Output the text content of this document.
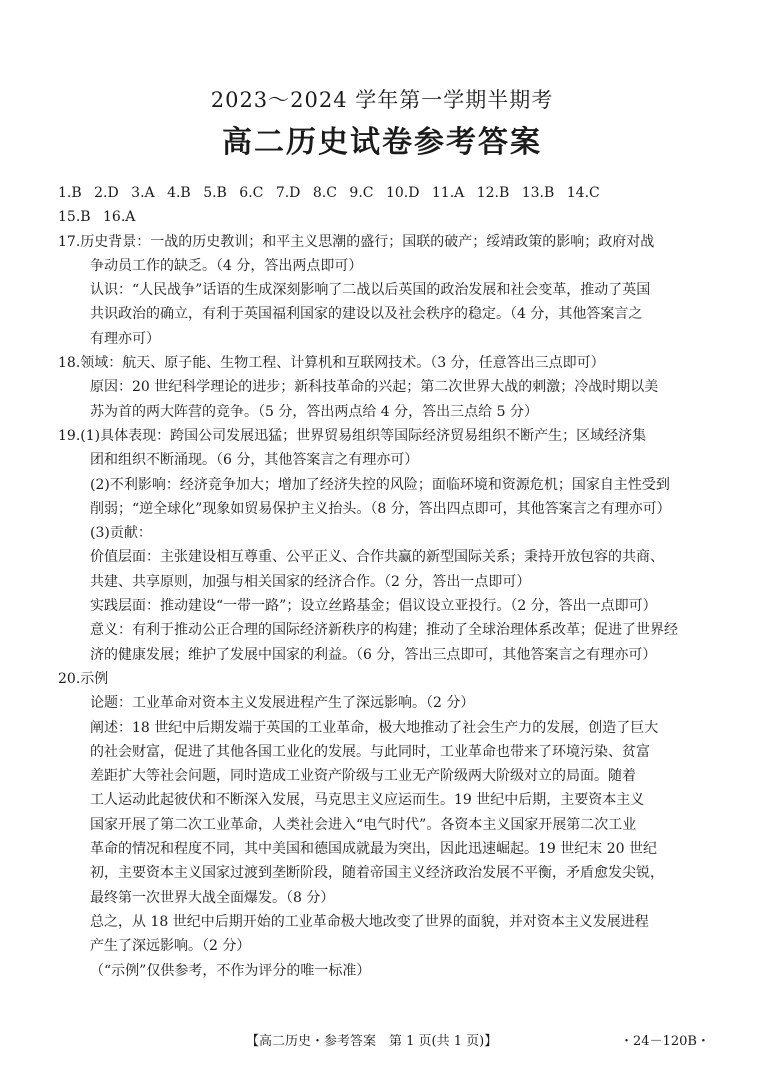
2023～2024 学年第一学期半期考
高二历史试卷参考答案
1.B 2.D 3.A 4.B 5.B 6.C 7.D 8.C 9.C 10.D 11.A 12.B 13.B 14.C
15.B 16.A
17.历史背景：一战的历史教训；和平主义思潮的盛行；国联的破产；绥靖政策的影响；政府对战
争动员工作的缺乏。（4 分，答出两点即可）
认识：“人民战争”话语的生成深刻影响了二战以后英国的政治发展和社会变革，推动了英国
共识政治的确立，有利于英国福利国家的建设以及社会秩序的稳定。（4 分，其他答案言之
有理亦可）
18.领域：航天、原子能、生物工程、计算机和互联网技术。（3 分，任意答出三点即可）
原因：20 世纪科学理论的进步；新科技革命的兴起；第二次世界大战的刺激；冷战时期以美
苏为首的两大阵营的竞争。（5 分，答出两点给 4 分，答出三点给 5 分）
19.(1)具体表现：跨国公司发展迅猛；世界贸易组织等国际经济贸易组织不断产生；区域经济集
团和组织不断涌现。（6 分，其他答案言之有理亦可）
(2)不利影响：经济竞争加大；增加了经济失控的风险；面临环境和资源危机；国家自主性受到
削弱；“逆全球化”现象如贸易保护主义抬头。（8 分，答出四点即可，其他答案言之有理亦可）
(3)贡献：
价值层面：主张建设相互尊重、公平正义、合作共赢的新型国际关系；秉持开放包容的共商、
共建、共享原则，加强与相关国家的经济合作。（2 分，答出一点即可）
实践层面：推动建设“一带一路”；设立丝路基金；倡议设立亚投行。（2 分，答出一点即可）
意义：有利于推动公正合理的国际经济新秩序的构建；推动了全球治理体系改革；促进了世界经
济的健康发展；维护了发展中国家的利益。（6 分，答出三点即可，其他答案言之有理亦可）
20.示例
论题：工业革命对资本主义发展进程产生了深远影响。（2 分）
阐述：18 世纪中后期发端于英国的工业革命，极大地推动了社会生产力的发展，创造了巨大
的社会财富，促进了其他各国工业化的发展。与此同时，工业革命也带来了环境污染、贫富
差距扩大等社会问题，同时造成工业资产阶级与工业无产阶级两大阶级对立的局面。随着
工人运动此起彼伏和不断深入发展，马克思主义应运而生。19 世纪中后期，主要资本主义
国家开展了第二次工业革命，人类社会进入“电气时代”。各资本主义国家开展第二次工业
革命的情况和程度不同，其中美国和德国成就最为突出，因此迅速崛起。19 世纪末 20 世纪
初，主要资本主义国家过渡到垄断阶段，随着帝国主义经济政治发展不平衡，矛盾愈发尖锐，
最终第一次世界大战全面爆发。（8 分）
总之，从 18 世纪中后期开始的工业革命极大地改变了世界的面貌，并对资本主义发展进程
产生了深远影响。（2 分）
（“示例”仅供参考，不作为评分的唯一标准）
【高二历史・参考答案　第 1 页(共 1 页)】	・24－120B・
